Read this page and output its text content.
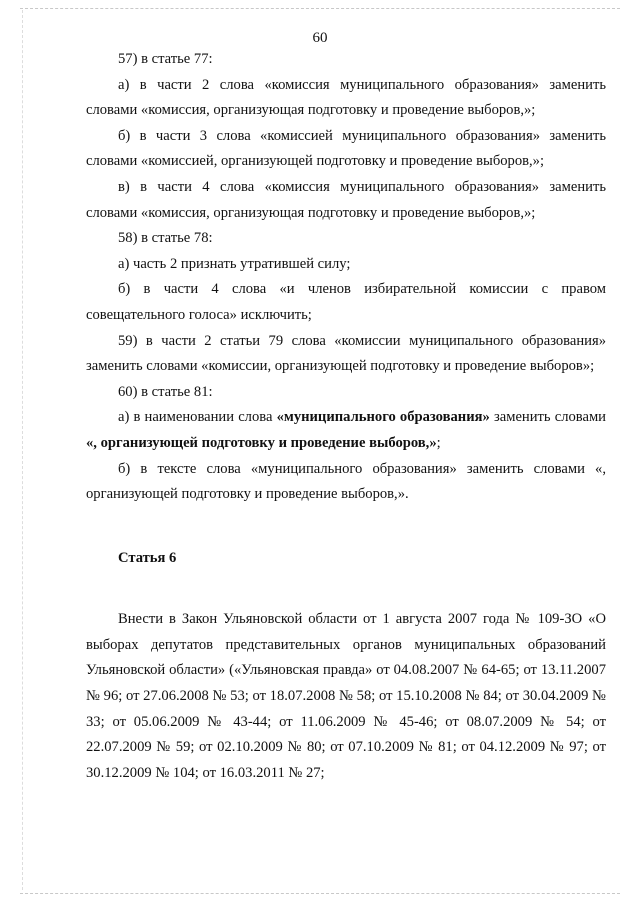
60

57) в статье 77:

а) в части 2 слова «комиссия муниципального образования» заменить словами «комиссия, организующая подготовку и проведение выборов,»;

б) в части 3 слова «комиссией муниципального образования» заменить словами «комиссией, организующей подготовку и проведение выборов,»;

в) в части 4 слова «комиссия муниципального образования» заменить словами «комиссия, организующая подготовку и проведение выборов,»;

58) в статье 78:

а) часть 2 признать утратившей силу;

б) в части 4 слова «и членов избирательной комиссии с правом совещательного голоса» исключить;

59) в части 2 статьи 79 слова «комиссии муниципального образования» заменить словами «комиссии, организующей подготовку и проведение выборов»;

60) в статье 81:

а) в наименовании слова «муниципального образования» заменить словами «, организующей подготовку и проведение выборов,»;

б) в тексте слова «муниципального образования» заменить словами «, организующей подготовку и проведение выборов,».

Статья 6

Внести в Закон Ульяновской области от 1 августа 2007 года № 109-ЗО «О выборах депутатов представительных органов муниципальных образований Ульяновской области» («Ульяновская правда» от 04.08.2007 № 64-65; от 13.11.2007 № 96; от 27.06.2008 № 53; от 18.07.2008 № 58; от 15.10.2008 № 84; от 30.04.2009 № 33; от 05.06.2009 № 43-44; от 11.06.2009 № 45-46; от 08.07.2009 № 54; от 22.07.2009 № 59; от 02.10.2009 № 80; от 07.10.2009 № 81; от 04.12.2009 № 97; от 30.12.2009 № 104; от 16.03.2011 № 27;
